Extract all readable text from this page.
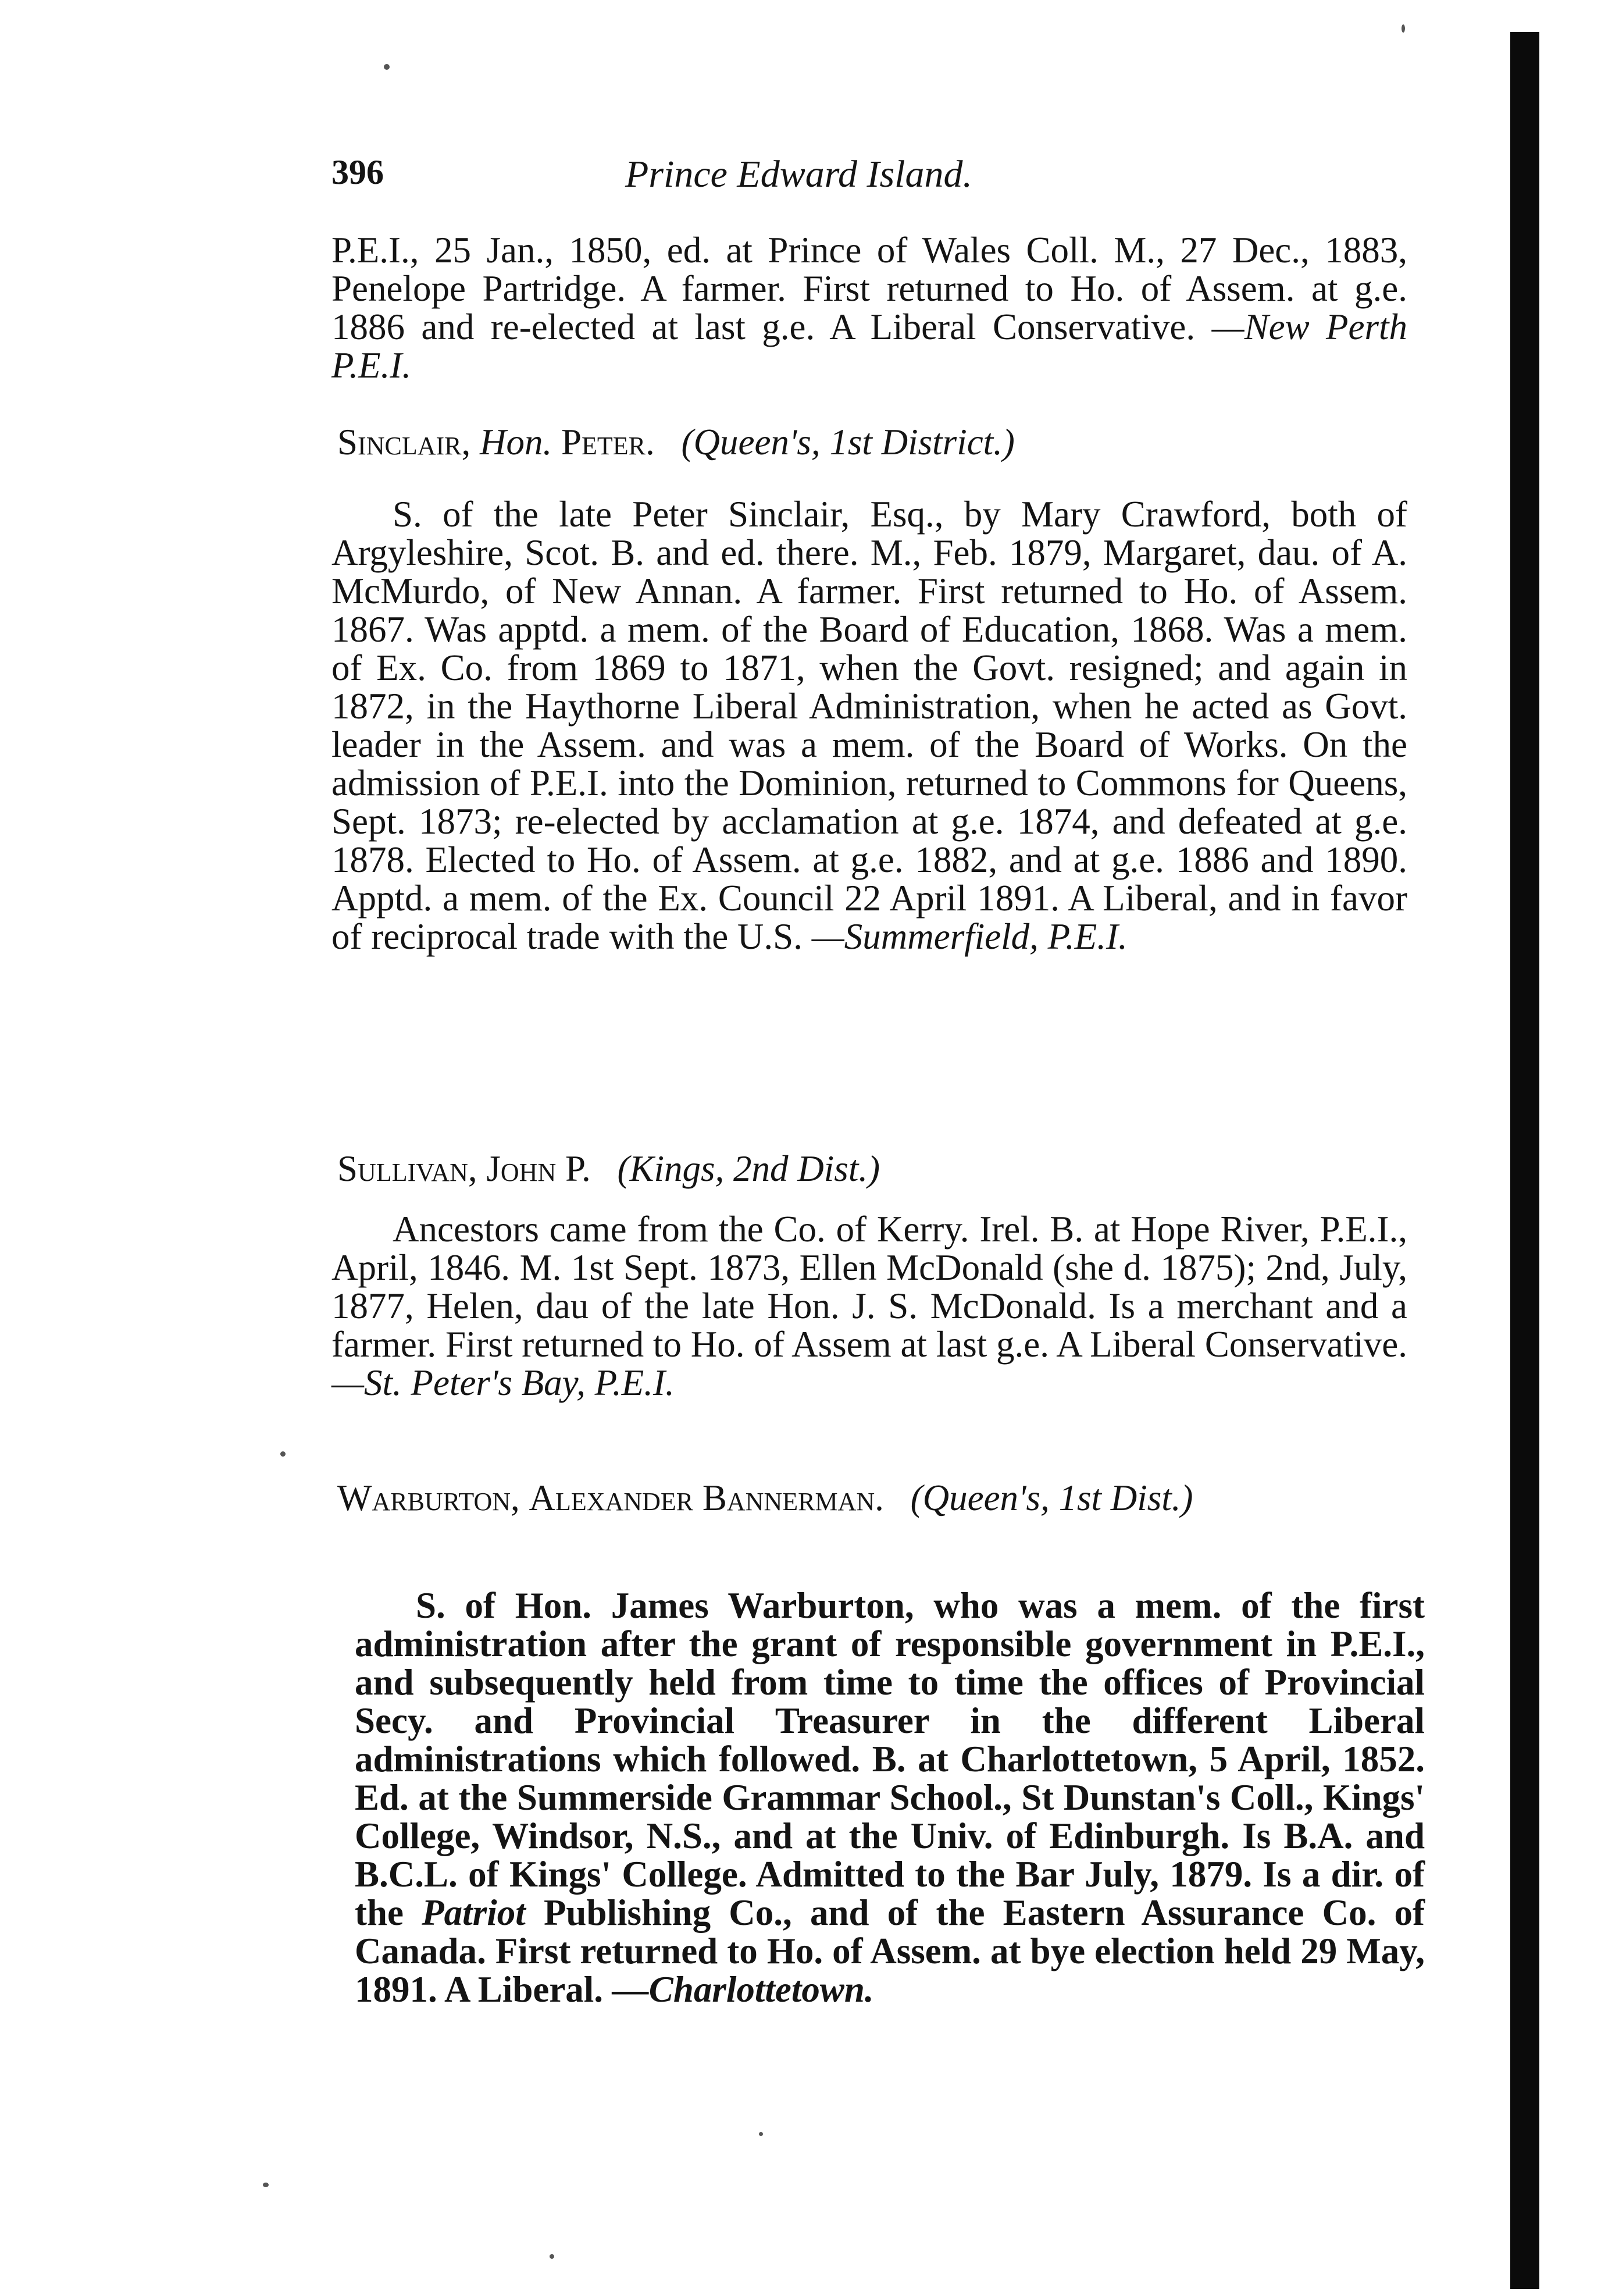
396	Prince Edward Island.
P.E.I., 25 Jan., 1850, ed. at Prince of Wales Coll. M., 27 Dec., 1883, Penelope Partridge. A farmer. First returned to Ho. of Assem. at g.e. 1886 and re-elected at last g.e. A Liberal Conservative. —New Perth P.E.I.
Sinclair, Hon. Peter. (Queen's, 1st District.)
S. of the late Peter Sinclair, Esq., by Mary Crawford, both of Argyleshire, Scot. B. and ed. there. M., Feb. 1879, Margaret, dau. of A. McMurdo, of New Annan. A farmer. First returned to Ho. of Assem. 1867. Was apptd. a mem. of the Board of Education, 1868. Was a mem. of Ex. Co. from 1869 to 1871, when the Govt. resigned; and again in 1872, in the Haythorne Liberal Administration, when he acted as Govt. leader in the Assem. and was a mem. of the Board of Works. On the admission of P.E.I. into the Dominion, returned to Commons for Queens, Sept. 1873; re-elected by acclamation at g.e. 1874, and defeated at g.e. 1878. Elected to Ho. of Assem. at g.e. 1882, and at g.e. 1886 and 1890. Apptd. a mem. of the Ex. Council 22 April 1891. A Liberal, and in favor of reciprocal trade with the U.S. —Summerfield, P.E.I.
Sullivan, John P. (Kings, 2nd Dist.)
Ancestors came from the Co. of Kerry. Irel. B. at Hope River, P.E.I., April, 1846. M. 1st Sept. 1873, Ellen McDonald (she d. 1875); 2nd, July, 1877, Helen, dau of the late Hon. J. S. McDonald. Is a merchant and a farmer. First returned to Ho. of Assem at last g.e. A Liberal Conservative. —St. Peter's Bay, P.E.I.
Warburton, Alexander Bannerman. (Queen's, 1st Dist.)
S. of Hon. James Warburton, who was a mem. of the first administration after the grant of responsible government in P.E.I., and subsequently held from time to time the offices of Provincial Secy. and Provincial Treasurer in the different Liberal administrations which followed. B. at Charlottetown, 5 April, 1852. Ed. at the Summerside Grammar School., St Dunstan's Coll., Kings' College, Windsor, N.S., and at the Univ. of Edinburgh. Is B.A. and B.C.L. of Kings' College. Admitted to the Bar July, 1879. Is a dir. of the Patriot Publishing Co., and of the Eastern Assurance Co. of Canada. First returned to Ho. of Assem. at bye election held 29 May, 1891. A Liberal. —Charlottetown.
